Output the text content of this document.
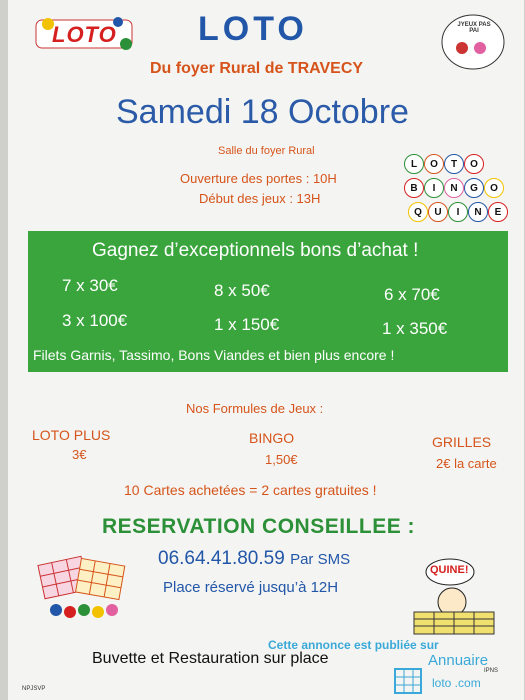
LOTO	JYEUX PAS PAI
LOTO
Du foyer Rural de TRAVECY
Samedi 18 Octobre
Salle du foyer Rural
Ouverture des portes : 10H
Début des jeux : 13H
L	O	T	O
B	I	N	G	O
Q	U	I	N	E
Gagnez d’exceptionnels bons d’achat !
7 x 30€	8 x 50€	6 x 70€
3 x 100€	1 x 150€	1 x 350€
Filets Garnis, Tassimo, Bons Viandes et bien plus encore !
Nos Formules de Jeux :
LOTO PLUS
3€
BINGO
1,50€
GRILLES
2€ la carte
10 Cartes achetées = 2 cartes gratuites !
RESERVATION CONSEILLEE :
06.64.41.80.59 Par SMS
Place réservé jusqu’à 12H
QUINE!
Buvette et Restauration sur place
NPJSVP
IPNS
Cette annonce est publiée sur
Annuaire
loto .com
